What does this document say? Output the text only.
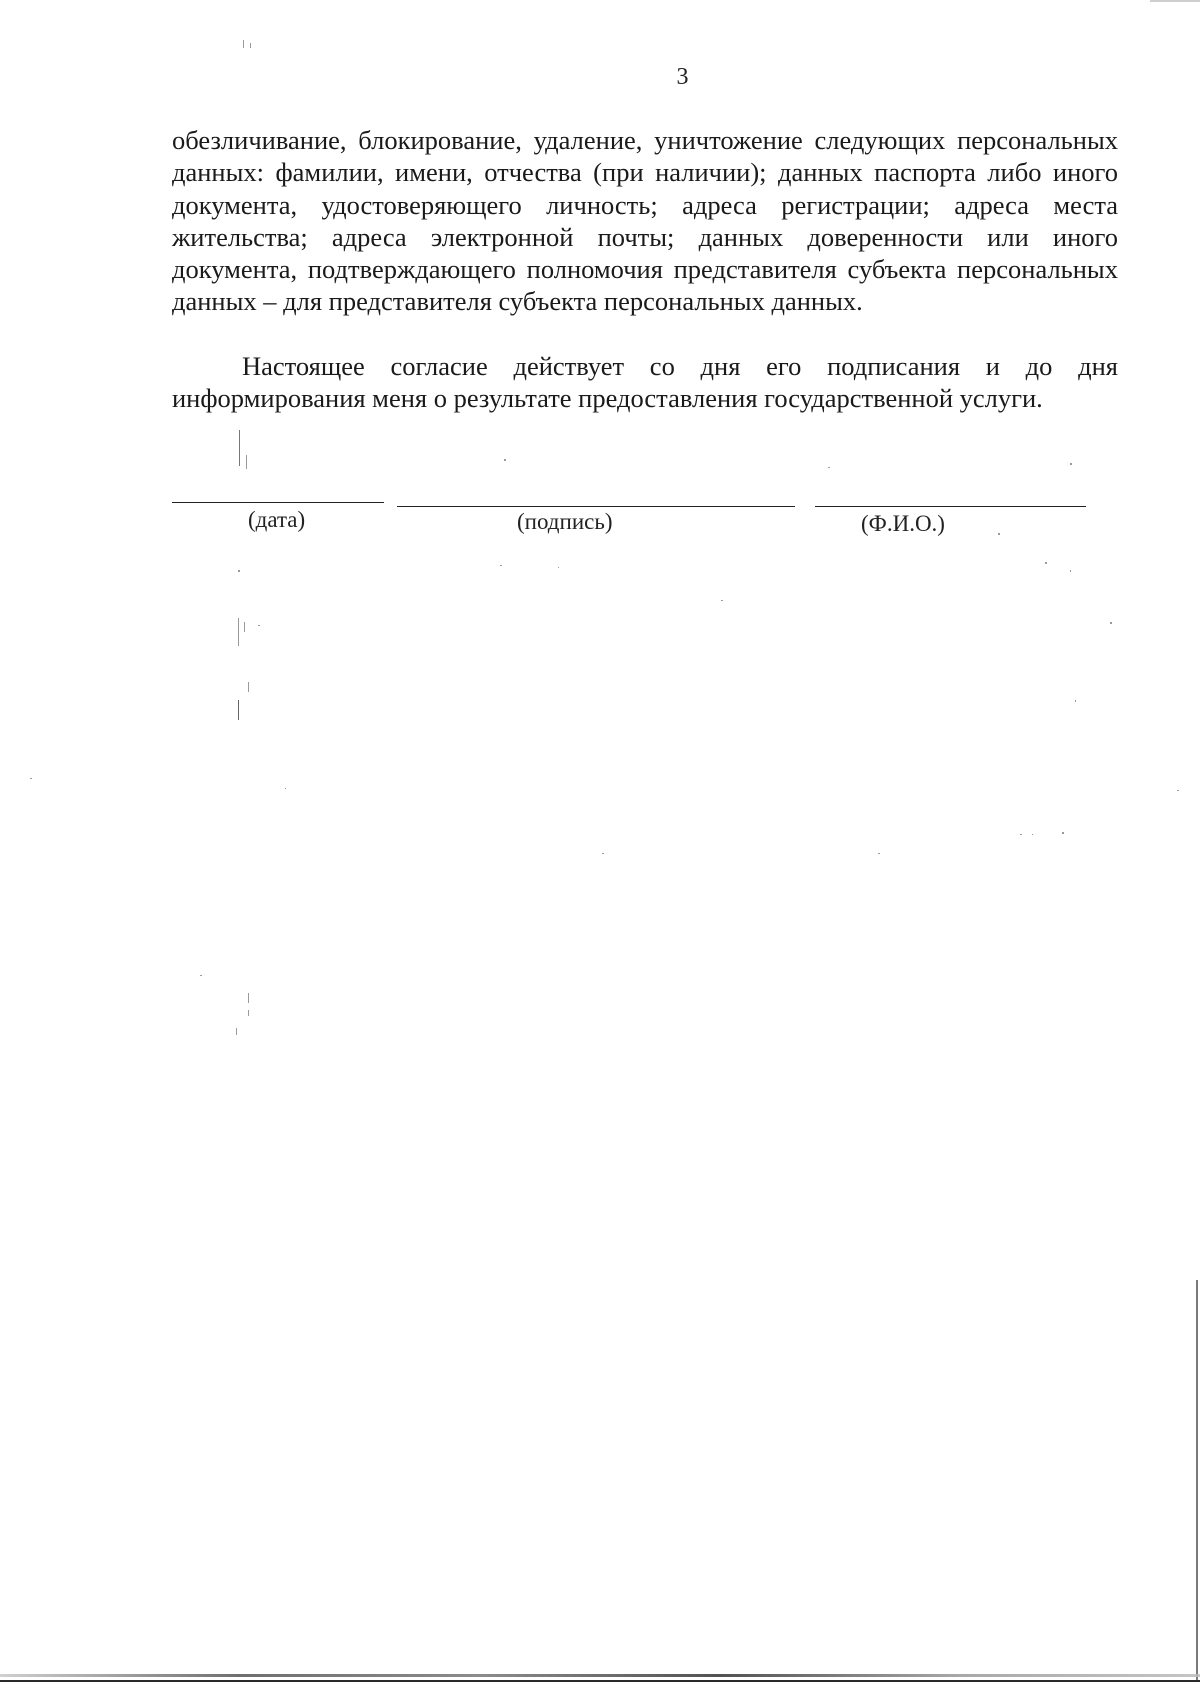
3

обезличивание, блокирование, удаление, уничтожение следующих персональных данных: фамилии, имени, отчества (при наличии); данных паспорта либо иного документа, удостоверяющего личность; адреса регистрации; адреса места жительства; адреса электронной почты; данных доверенности или иного документа, подтверждающего полномочия представителя субъекта персональных данных – для представителя субъекта персональных данных.

Настоящее согласие действует со дня его подписания и до дня информирования меня о результате предоставления государственной услуги.

(дата)	(подпись)	(Ф.И.О.)
